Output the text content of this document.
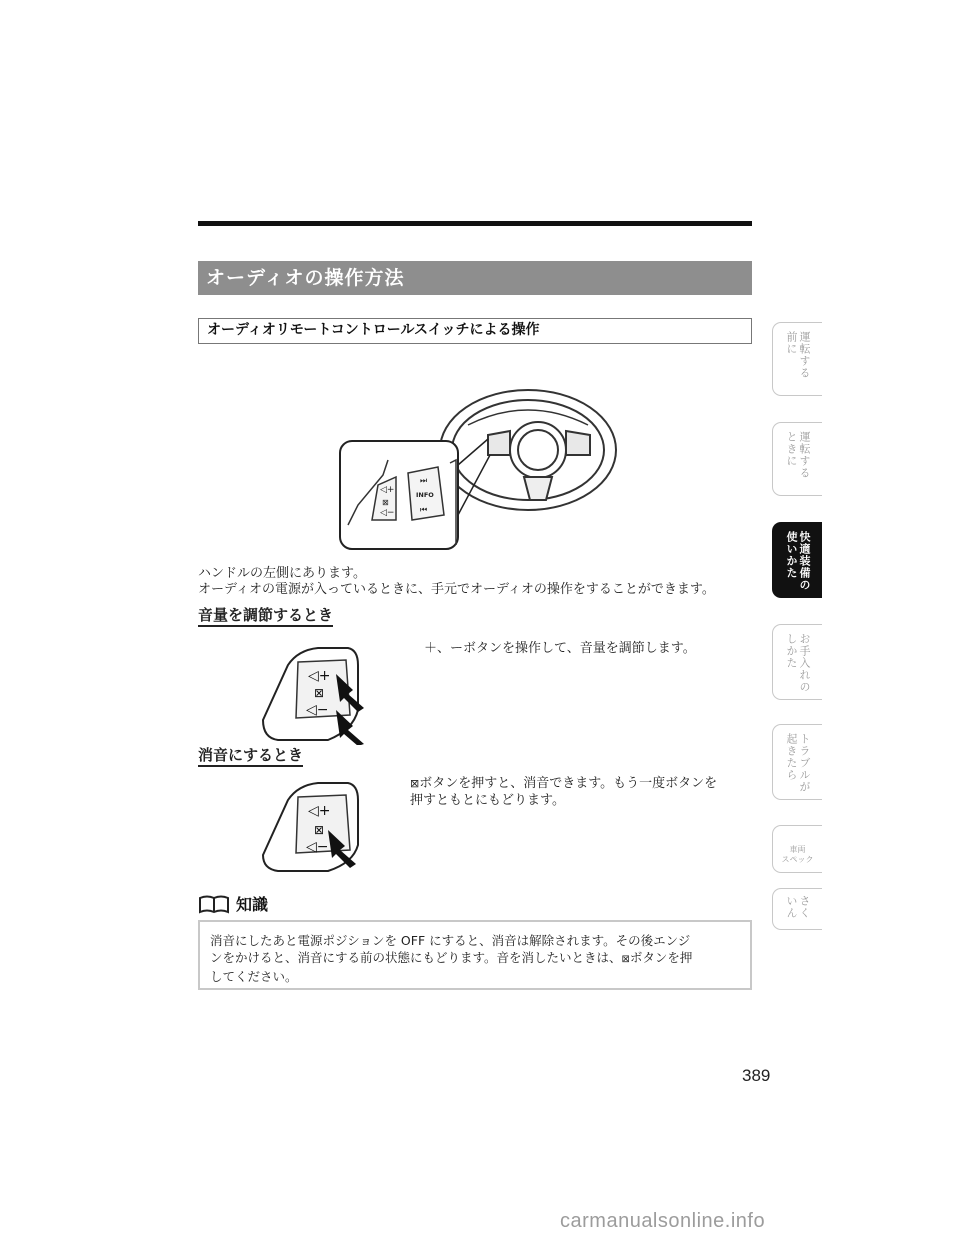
オーディオの操作方法
オーディオリモートコントロールスイッチによる操作
◁+
⊠
◁−
⏭
INFO
⏮
ハンドルの左側にあります。
オーディオの電源が入っているときに、手元でオーディオの操作をすることができます。
音量を調節するとき
◁+
⊠
◁−
＋、ーボタンを操作して、音量を調節します。
消音にするとき
◁+
⊠
◁−
⊠ボタンを押すと、消音できます。もう一度ボタンを
押すともとにもどります。
知識
消音にしたあと電源ポジションを OFF にすると、消音は解除されます。その後エンジ
ンをかけると、消音にする前の状態にもどります。音を消したいときは、⊠ボタンを押
してください。
389
運転する
前に
運転する
ときに
快適装備の
使いかた
お手入れの
しかた
トラブルが
起きたら
車両
スペック
さく
いん
carmanualsonline.info
